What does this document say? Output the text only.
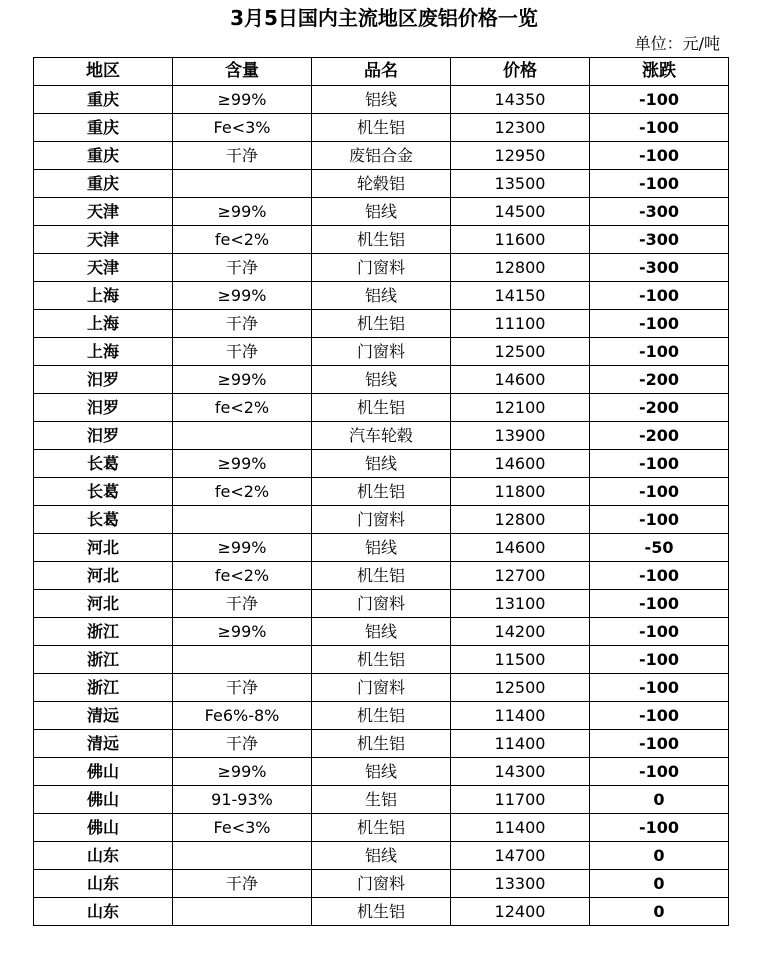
3月5日国内主流地区废铝价格一览
单位：元/吨
地区	含量	品名	价格	涨跌
重庆	≥99%	铝线	14350	-100
重庆	Fe<3%	机生铝	12300	-100
重庆	干净	废铝合金	12950	-100
重庆		轮毂铝	13500	-100
天津	≥99%	铝线	14500	-300
天津	fe<2%	机生铝	11600	-300
天津	干净	门窗料	12800	-300
上海	≥99%	铝线	14150	-100
上海	干净	机生铝	11100	-100
上海	干净	门窗料	12500	-100
汨罗	≥99%	铝线	14600	-200
汨罗	fe<2%	机生铝	12100	-200
汨罗		汽车轮毂	13900	-200
长葛	≥99%	铝线	14600	-100
长葛	fe<2%	机生铝	11800	-100
长葛		门窗料	12800	-100
河北	≥99%	铝线	14600	-50
河北	fe<2%	机生铝	12700	-100
河北	干净	门窗料	13100	-100
浙江	≥99%	铝线	14200	-100
浙江		机生铝	11500	-100
浙江	干净	门窗料	12500	-100
清远	Fe6%-8%	机生铝	11400	-100
清远	干净	机生铝	11400	-100
佛山	≥99%	铝线	14300	-100
佛山	91-93%	生铝	11700	0
佛山	Fe<3%	机生铝	11400	-100
山东		铝线	14700	0
山东	干净	门窗料	13300	0
山东		机生铝	12400	0
